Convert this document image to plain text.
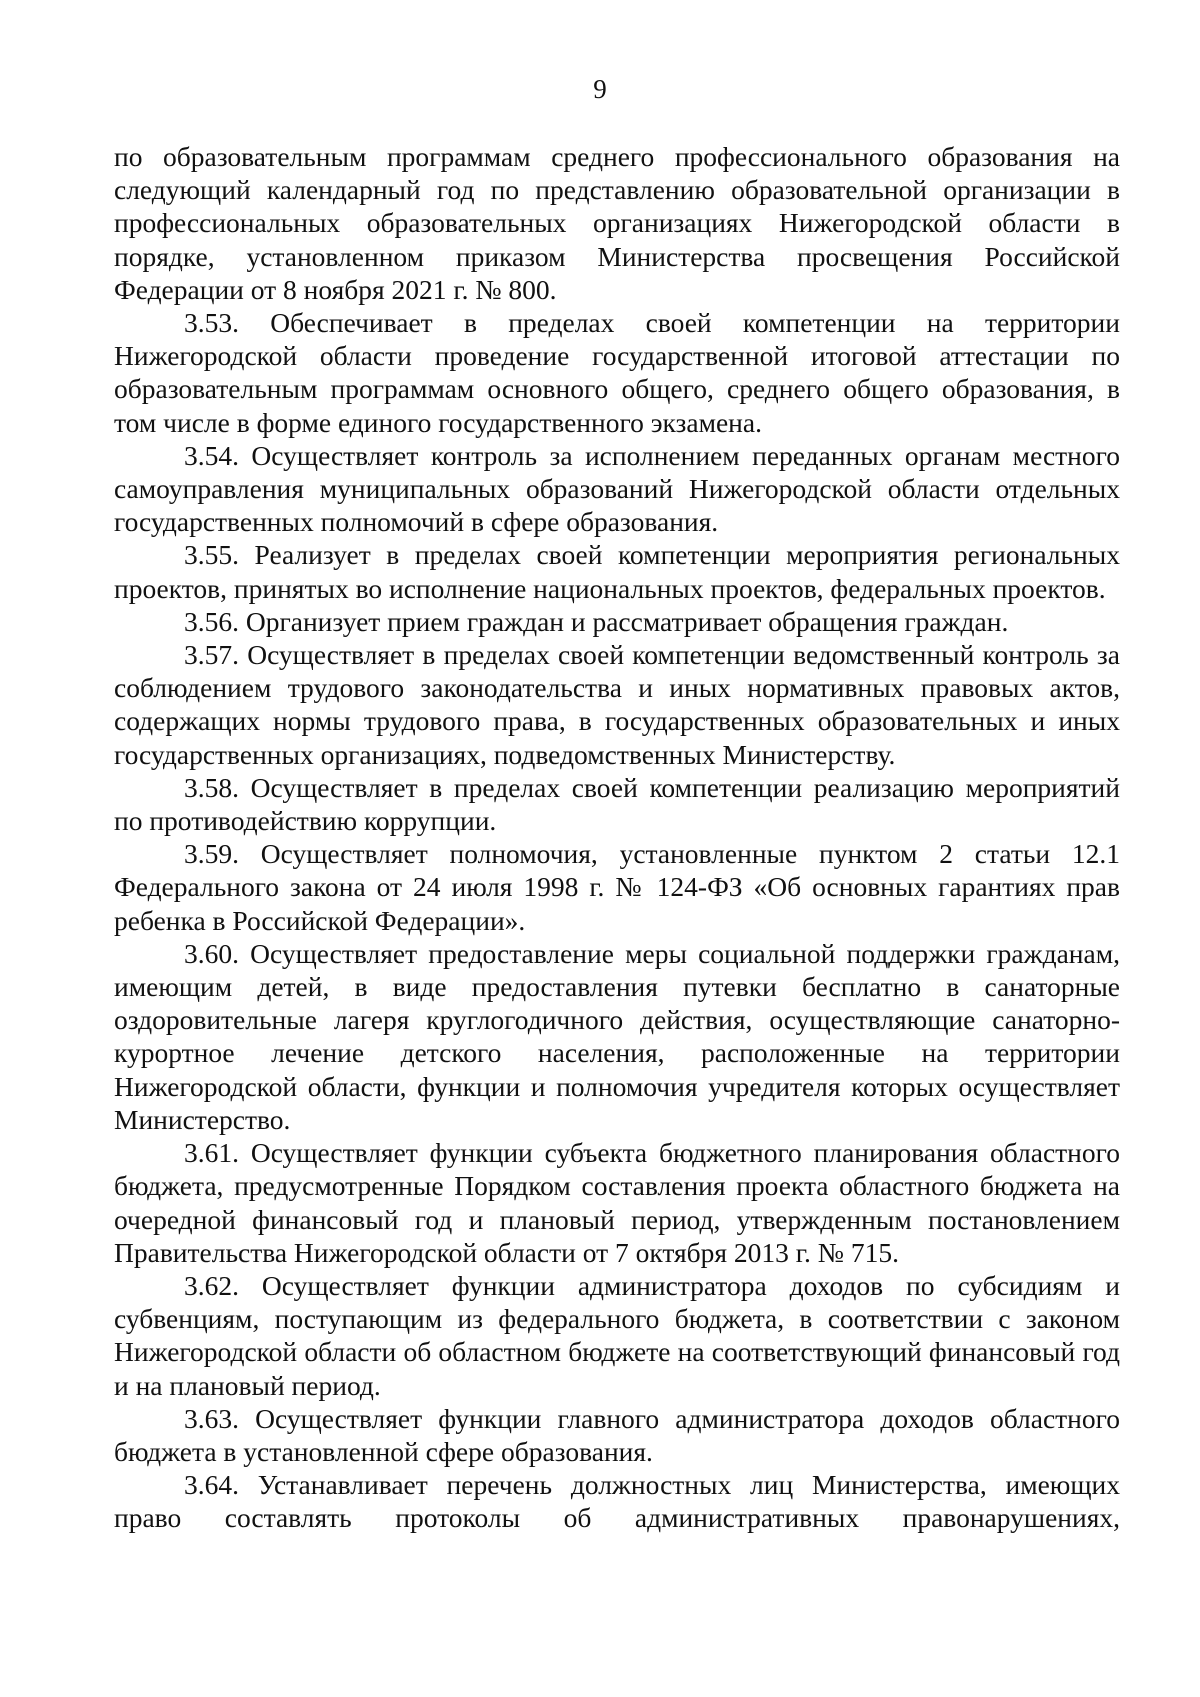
9

по образовательным программам среднего профессионального образования на следующий календарный год по представлению образовательной организации в профессиональных образовательных организациях Нижегородской области в порядке, установленном приказом Министерства просвещения Российской Федерации от 8 ноября 2021 г. № 800.

3.53. Обеспечивает в пределах своей компетенции на территории Нижегородской области проведение государственной итоговой аттестации по образовательным программам основного общего, среднего общего образования, в том числе в форме единого государственного экзамена.

3.54. Осуществляет контроль за исполнением переданных органам местного самоуправления муниципальных образований Нижегородской области отдельных государственных полномочий в сфере образования.

3.55. Реализует в пределах своей компетенции мероприятия региональных проектов, принятых во исполнение национальных проектов, федеральных проектов.

3.56. Организует прием граждан и рассматривает обращения граждан.

3.57. Осуществляет в пределах своей компетенции ведомственный контроль за соблюдением трудового законодательства и иных нормативных правовых актов, содержащих нормы трудового права, в государственных образовательных и иных государственных организациях, подведомственных Министерству.

3.58. Осуществляет в пределах своей компетенции реализацию мероприятий по противодействию коррупции.

3.59. Осуществляет полномочия, установленные пунктом 2 статьи 12.1 Федерального закона от 24 июля 1998 г. № 124-ФЗ «Об основных гарантиях прав ребенка в Российской Федерации».

3.60. Осуществляет предоставление меры социальной поддержки гражданам, имеющим детей, в виде предоставления путевки бесплатно в санаторные оздоровительные лагеря круглогодичного действия, осуществляющие санаторно-курортное лечение детского населения, расположенные на территории Нижегородской области, функции и полномочия учредителя которых осуществляет Министерство.

3.61. Осуществляет функции субъекта бюджетного планирования областного бюджета, предусмотренные Порядком составления проекта областного бюджета на очередной финансовый год и плановый период, утвержденным постановлением Правительства Нижегородской области от 7 октября 2013 г. № 715.

3.62. Осуществляет функции администратора доходов по субсидиям и субвенциям, поступающим из федерального бюджета, в соответствии с законом Нижегородской области об областном бюджете на соответствующий финансовый год и на плановый период.

3.63. Осуществляет функции главного администратора доходов областного бюджета в установленной сфере образования.

3.64. Устанавливает перечень должностных лиц Министерства, имеющих право составлять протоколы об административных правонарушениях,
